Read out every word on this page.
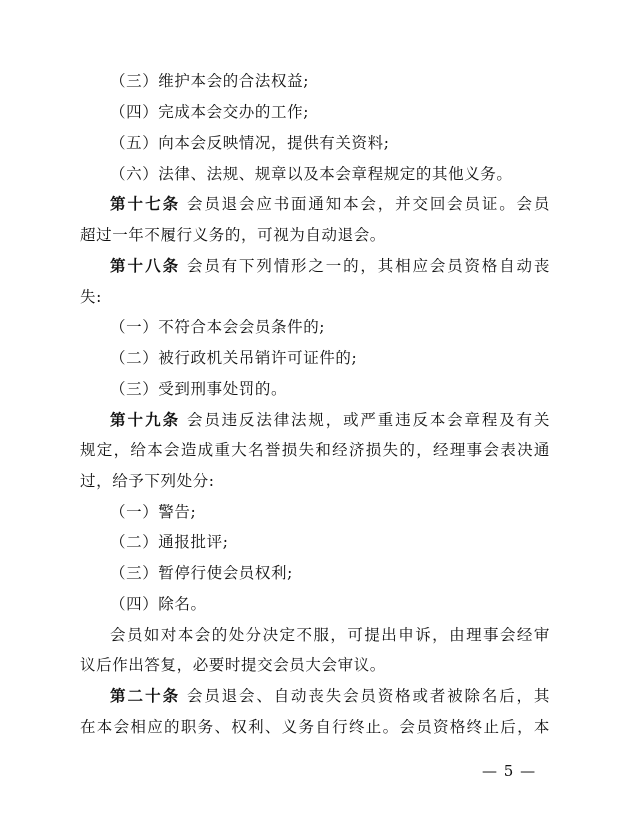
（三）维护本会的合法权益;
（四）完成本会交办的工作;
（五）向本会反映情况，提供有关资料;
（六）法律、法规、规章以及本会章程规定的其他义务。
第十七条 会员退会应书面通知本会，并交回会员证。会员
超过一年不履行义务的，可视为自动退会。
第十八条 会员有下列情形之一的，其相应会员资格自动丧
失:
（一）不符合本会会员条件的;
（二）被行政机关吊销许可证件的;
（三）受到刑事处罚的。
第十九条 会员违反法律法规，或严重违反本会章程及有关
规定，给本会造成重大名誉损失和经济损失的，经理事会表决通
过，给予下列处分:
（一）警告;
（二）通报批评;
（三）暂停行使会员权利;
（四）除名。
会员如对本会的处分决定不服，可提出申诉，由理事会经审
议后作出答复，必要时提交会员大会审议。
第二十条 会员退会、自动丧失会员资格或者被除名后，其
在本会相应的职务、权利、义务自行终止。会员资格终止后，本
— 5 —
